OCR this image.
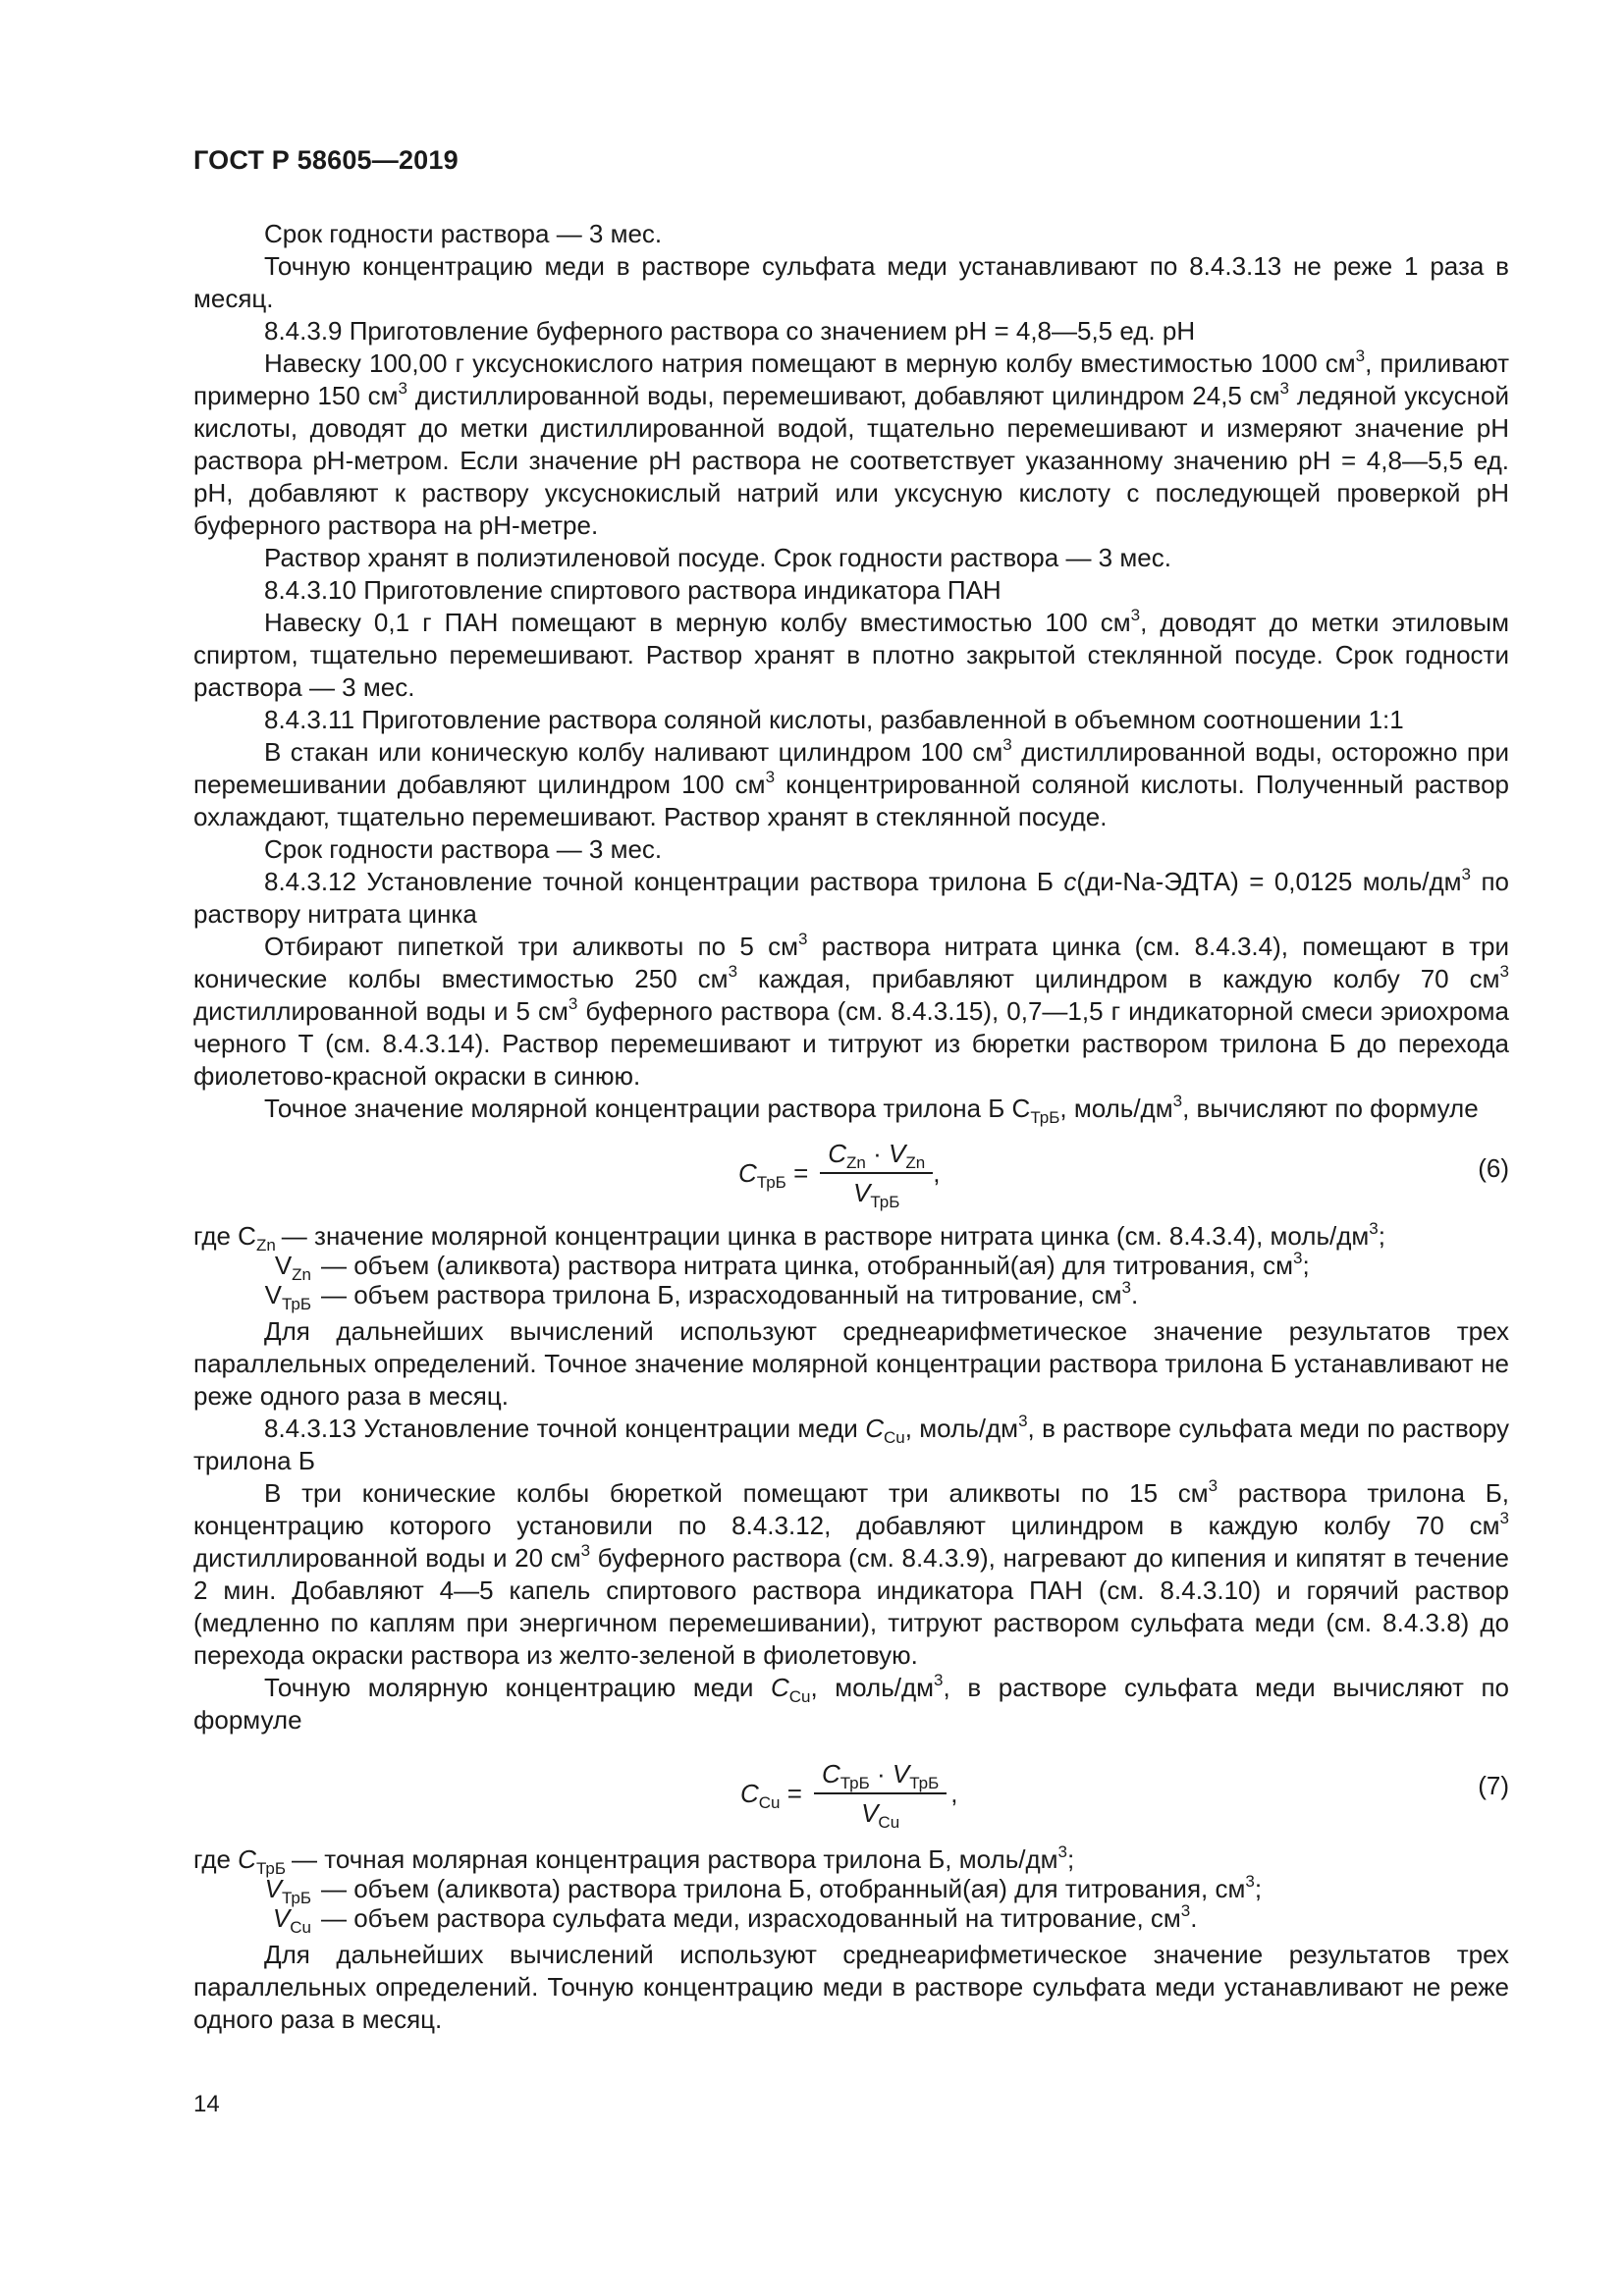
ГОСТ Р 58605—2019

Срок годности раствора — 3 мес.

Точную концентрацию меди в растворе сульфата меди устанавливают по 8.4.3.13 не реже 1 раза в месяц.

8.4.3.9 Приготовление буферного раствора со значением pH = 4,8—5,5 ед. pH

Навеску 100,00 г уксуснокислого натрия помещают в мерную колбу вместимостью 1000 $см^3$, приливают примерно 150 $см^3$ дистиллированной воды, перемешивают, добавляют цилиндром 24,5 $см^3$ ледяной уксусной кислоты, доводят до метки дистиллированной водой, тщательно перемешивают и измеряют значение pH раствора pH-метром. Если значение pH раствора не соответствует указанному значению pH = 4,8—5,5 ед. pH, добавляют к раствору уксуснокислый натрий или уксусную кислоту с последующей проверкой pH буферного раствора на pH-метре.

Раствор хранят в полиэтиленовой посуде. Срок годности раствора — 3 мес.

8.4.3.10 Приготовление спиртового раствора индикатора ПАН

Навеску 0,1 г ПАН помещают в мерную колбу вместимостью 100 $см^3$, доводят до метки этиловым спиртом, тщательно перемешивают. Раствор хранят в плотно закрытой стеклянной посуде. Срок годности раствора — 3 мес.

8.4.3.11 Приготовление раствора соляной кислоты, разбавленной в объемном соотношении 1:1

В стакан или коническую колбу наливают цилиндром 100 $см^3$ дистиллированной воды, осторожно при перемешивании добавляют цилиндром 100 $см^3$ концентрированной соляной кислоты. Полученный раствор охлаждают, тщательно перемешивают. Раствор хранят в стеклянной посуде.

Срок годности раствора — 3 мес.

8.4.3.12 Установление точной концентрации раствора трилона Б c(ди-Na-ЭДТА) = 0,0125 моль/$дм^3$ по раствору нитрата цинка

Отбирают пипеткой три аликвоты по 5 $см^3$ раствора нитрата цинка (см. 8.4.3.4), помещают в три конические колбы вместимостью 250 $см^3$ каждая, прибавляют цилиндром в каждую колбу 70 $см^3$ дистиллированной воды и 5 $см^3$ буферного раствора (см. 8.4.3.15), 0,7—1,5 г индикаторной смеси эриохрома черного Т (см. 8.4.3.14). Раствор перемешивают и титруют из бюретки раствором трилона Б до перехода фиолетово-красной окраски в синюю.

Точное значение молярной концентрации раствора трилона Б $С_{ТрБ}$, моль/$дм^3$, вычисляют по формуле

$C_{ТрБ} = \frac{C_{Zn} \cdot V_{Zn}}{V_{ТрБ}}$ ,	(6)
где $C_{Zn}$ — значение молярной концентрации цинка в растворе нитрата цинка (см. 8.4.3.4), моль/$дм^3$;
$V_{Zn}$ — объем (аликвота) раствора нитрата цинка, отобранный(ая) для титрования, $см^3$;
$V_{ТрБ}$ — объем раствора трилона Б, израсходованный на титрование, $см^3$.

Для дальнейших вычислений используют среднеарифметическое значение результатов трех параллельных определений. Точное значение молярной концентрации раствора трилона Б устанавливают не реже одного раза в месяц.

8.4.3.13 Установление точной концентрации меди $C_{Cu}$, моль/$дм^3$, в растворе сульфата меди по раствору трилона Б

В три конические колбы бюреткой помещают три аликвоты по 15 $см^3$ раствора трилона Б, концентрацию которого установили по 8.4.3.12, добавляют цилиндром в каждую колбу 70 $см^3$ дистиллированной воды и 20 $см^3$ буферного раствора (см. 8.4.3.9), нагревают до кипения и кипятят в течение 2 мин. Добавляют 4—5 капель спиртового раствора индикатора ПАН (см. 8.4.3.10) и горячий раствор (медленно по каплям при энергичном перемешивании), титруют раствором сульфата меди (см. 8.4.3.8) до перехода окраски раствора из желто-зеленой в фиолетовую.

Точную молярную концентрацию меди $C_{Cu}$, моль/$дм^3$, в растворе сульфата меди вычисляют по формуле

$C_{Cu} = \frac{C_{ТрБ} \cdot V_{ТрБ}}{V_{Cu}}$ ,	(7)
где $C_{ТрБ}$ — точная молярная концентрация раствора трилона Б, моль/$дм^3$;
$V_{ТрБ}$ — объем (аликвота) раствора трилона Б, отобранный(ая) для титрования, $см^3$;
$V_{Cu}$ — объем раствора сульфата меди, израсходованный на титрование, $см^3$.

Для дальнейших вычислений используют среднеарифметическое значение результатов трех параллельных определений. Точную концентрацию меди в растворе сульфата меди устанавливают не реже одного раза в месяц.

14
